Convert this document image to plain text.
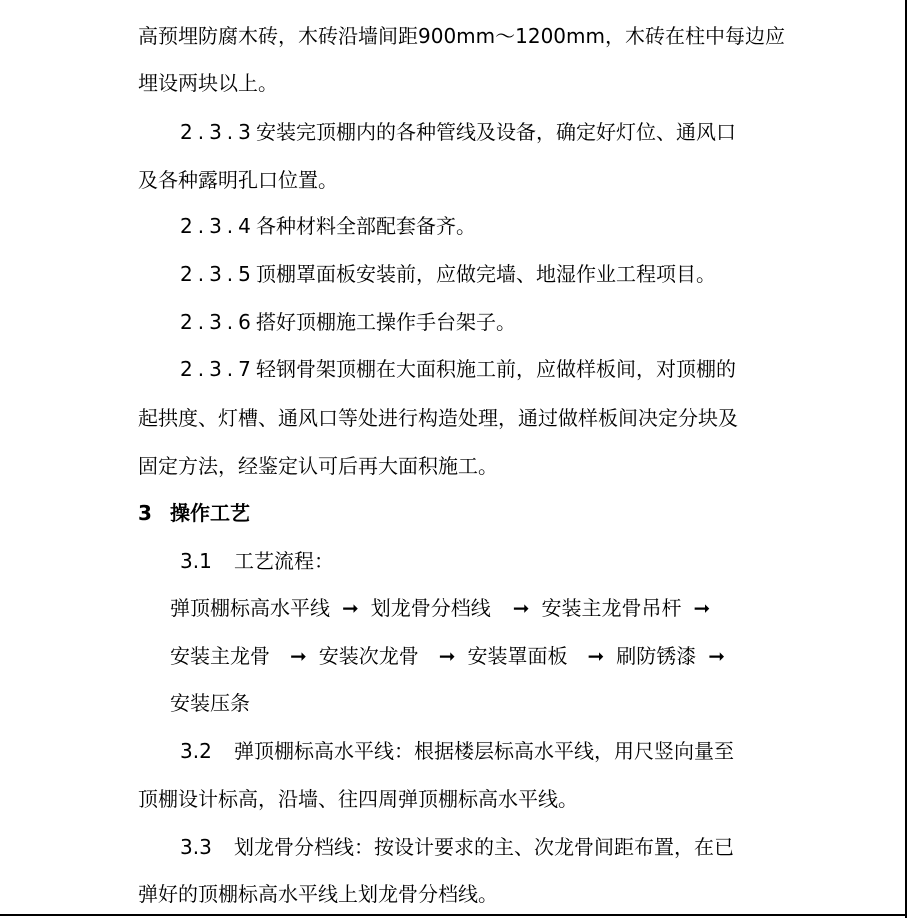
高预埋防腐木砖，木砖沿墙间距900mm～1200mm，木砖在柱中每边应
埋设两块以上。
2.3.3安装完顶棚内的各种管线及设备，确定好灯位、通风口
及各种露明孔口位置。
2.3.4各种材料全部配套备齐。
2.3.5顶棚罩面板安装前，应做完墙、地湿作业工程项目。
2.3.6搭好顶棚施工操作手台架子。
2.3.7轻钢骨架顶棚在大面积施工前，应做样板间，对顶棚的
起拱度、灯槽、通风口等处进行构造处理，通过做样板间决定分块及
固定方法，经鉴定认可后再大面积施工。
3 操作工艺
3.1 工艺流程：
弹顶棚标高水平线 ➞ 划龙骨分档线 ➞ 安装主龙骨吊杆 ➞
安装主龙骨 ➞ 安装次龙骨 ➞ 安装罩面板 ➞ 刷防锈漆 ➞
安装压条
3.2 弹顶棚标高水平线：根据楼层标高水平线，用尺竖向量至
顶棚设计标高，沿墙、往四周弹顶棚标高水平线。
3.3 划龙骨分档线：按设计要求的主、次龙骨间距布置，在已
弹好的顶棚标高水平线上划龙骨分档线。
